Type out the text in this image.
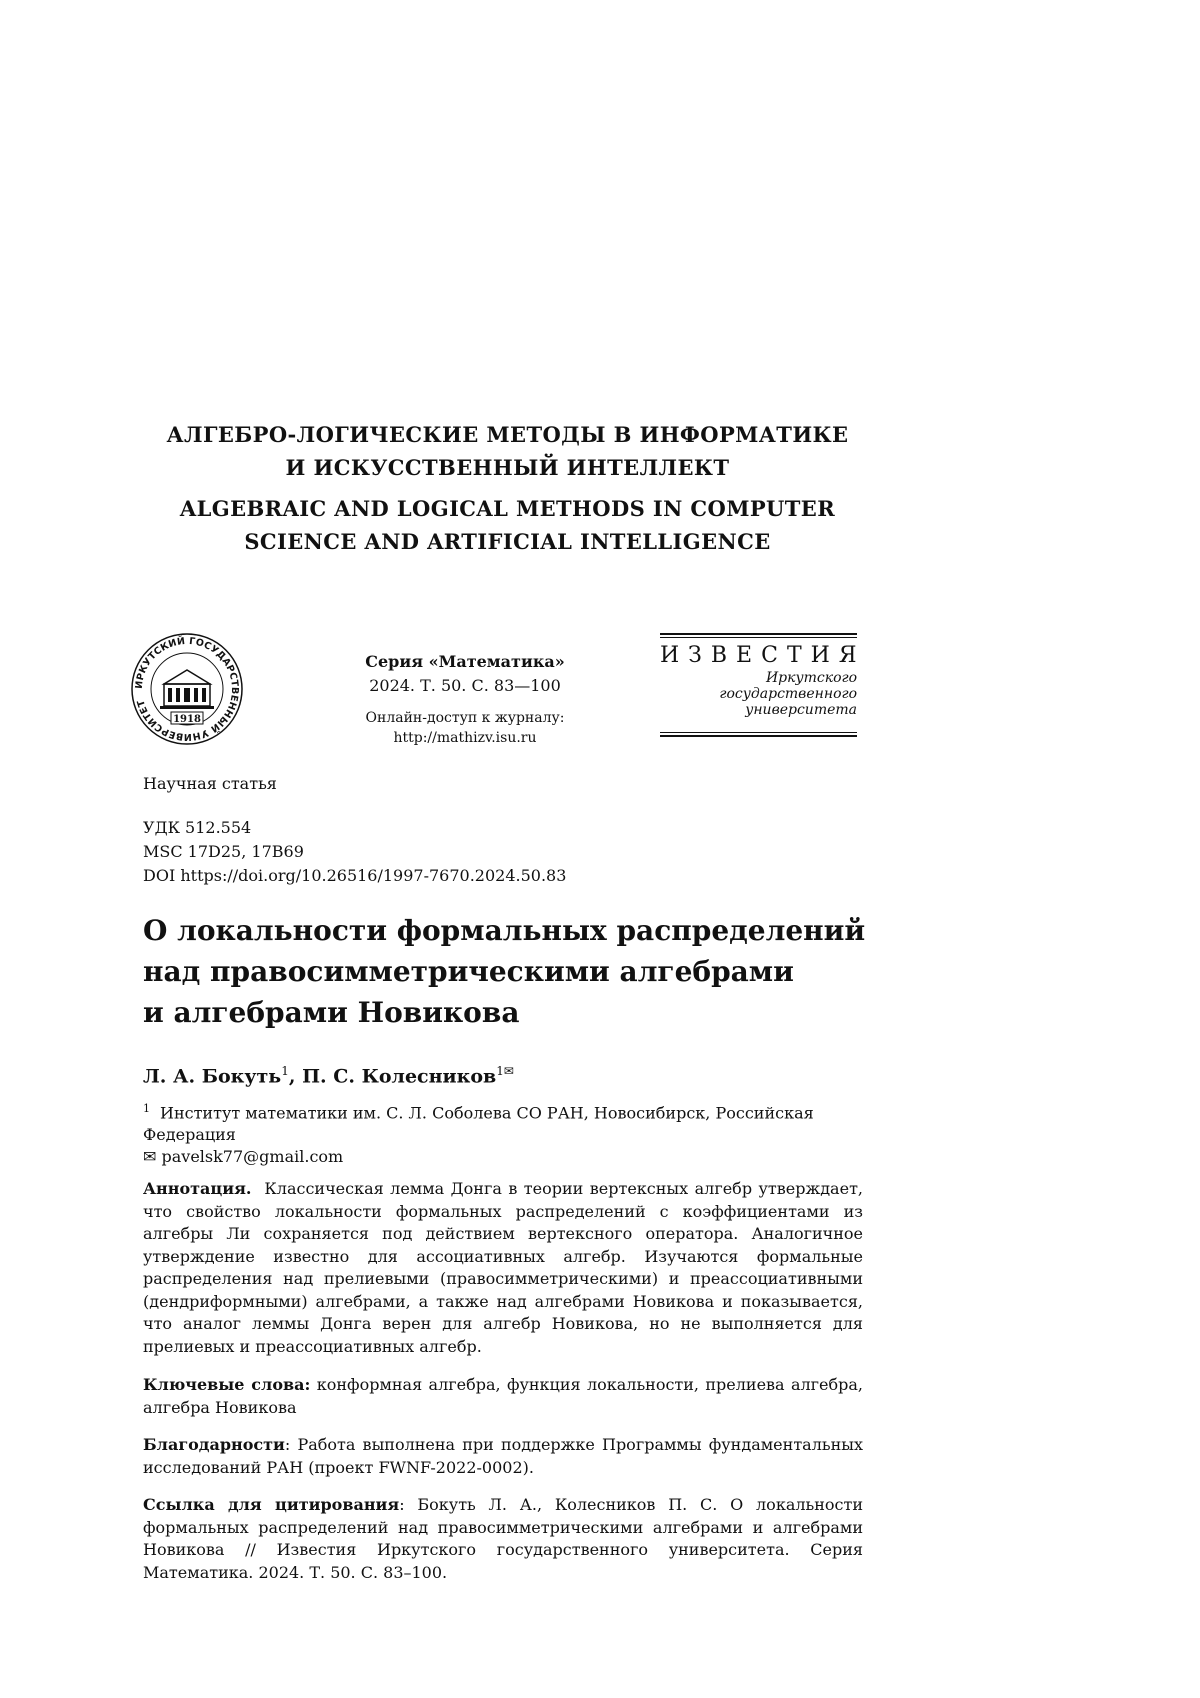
АЛГЕБРО-ЛОГИЧЕСКИЕ МЕТОДЫ В ИНФОРМАТИКЕ
И ИСКУССТВЕННЫЙ ИНТЕЛЛЕКТ
ALGEBRAIC AND LOGICAL METHODS IN COMPUTER
SCIENCE AND ARTIFICIAL INTELLIGENCE
ИРКУТСКИЙ ГОСУДАРСТВЕННЫЙ УНИВЕРСИТЕТ
1918
Серия «Математика»
2024. Т. 50. С. 83—100
Онлайн-доступ к журналу:
http://mathizv.isu.ru
ИЗВЕСТИЯ
Иркутского
государственного
университета
Научная статья
УДК 512.554
MSC 17D25, 17B69
DOI https://doi.org/10.26516/1997-7670.2024.50.83
О локальности формальных распределений
над правосимметрическими алгебрами
и алгебрами Новикова
Л. А. Бокуть$^1$, П. С. Колесников$^{1✉}$
$^1$ Институт математики им. С. Л. Соболева СО РАН, Новосибирск, Российская Федерация
✉ pavelsk77@gmail.com
Аннотация. Классическая лемма Донга в теории вертексных алгебр утверждает, что свойство локальности формальных распределений с коэффициентами из алгебры Ли сохраняется под действием вертексного оператора. Аналогичное утверждение известно для ассоциативных алгебр. Изучаются формальные распределения над прелиевыми (правосимметрическими) и преассоциативными (дендриформными) алгебрами, а также над алгебрами Новикова и показывается, что аналог леммы Донга верен для алгебр Новикова, но не выполняется для прелиевых и преассоциативных алгебр.
Ключевые слова: конформная алгебра, функция локальности, прелиева алгебра, алгебра Новикова
Благодарности: Работа выполнена при поддержке Программы фундаментальных исследований РАН (проект FWNF-2022-0002).
Ссылка для цитирования: Бокуть Л. А., Колесников П. С. О локальности формальных распределений над правосимметрическими алгебрами и алгебрами Новикова // Известия Иркутского государственного университета. Серия Математика. 2024. Т. 50. С. 83–100.
